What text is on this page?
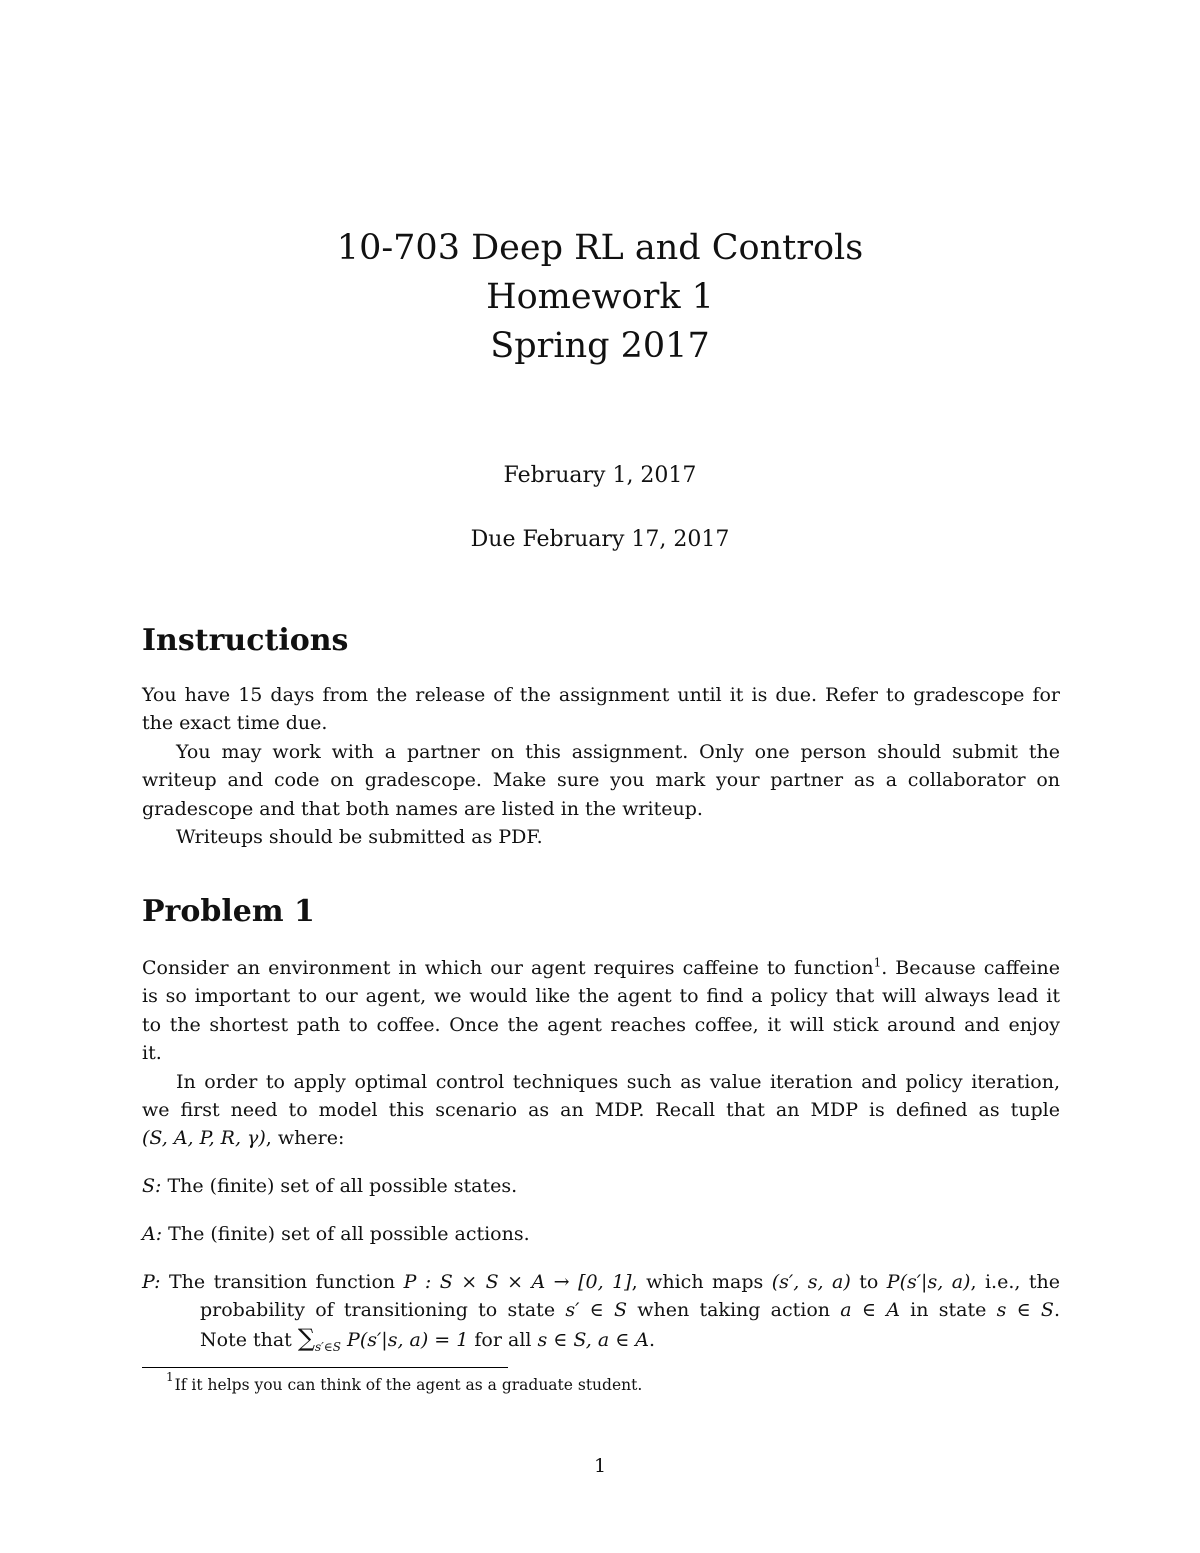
10-703 Deep RL and Controls
Homework 1
Spring 2017
February 1, 2017
Due February 17, 2017
Instructions
You have 15 days from the release of the assignment until it is due. Refer to gradescope for
the exact time due.
You may work with a partner on this assignment. Only one person should submit the
writeup and code on gradescope. Make sure you mark your partner as a collaborator on
gradescope and that both names are listed in the writeup.
Writeups should be submitted as PDF.
Problem 1
Consider an environment in which our agent requires caffeine to function$^1$. Because caffeine
is so important to our agent, we would like the agent to find a policy that will always lead it
to the shortest path to coffee. Once the agent reaches coffee, it will stick around and enjoy
it.
In order to apply optimal control techniques such as value iteration and policy iteration,
we first need to model this scenario as an MDP. Recall that an MDP is defined as tuple
(S, A, P, R, γ), where:
S: The (finite) set of all possible states.
A: The (finite) set of all possible actions.
P: The transition function P : S × S × A → [0, 1], which maps (s′, s, a) to P(s′|s, a), i.e., the
probability of transitioning to state s′ ∈ S when taking action a ∈ A in state s ∈ S.
Note that $\sum_{s'\in S}$ P(s′|s, a) = 1 for all s ∈ S, a ∈ A.
$^1$If it helps you can think of the agent as a graduate student.
1
